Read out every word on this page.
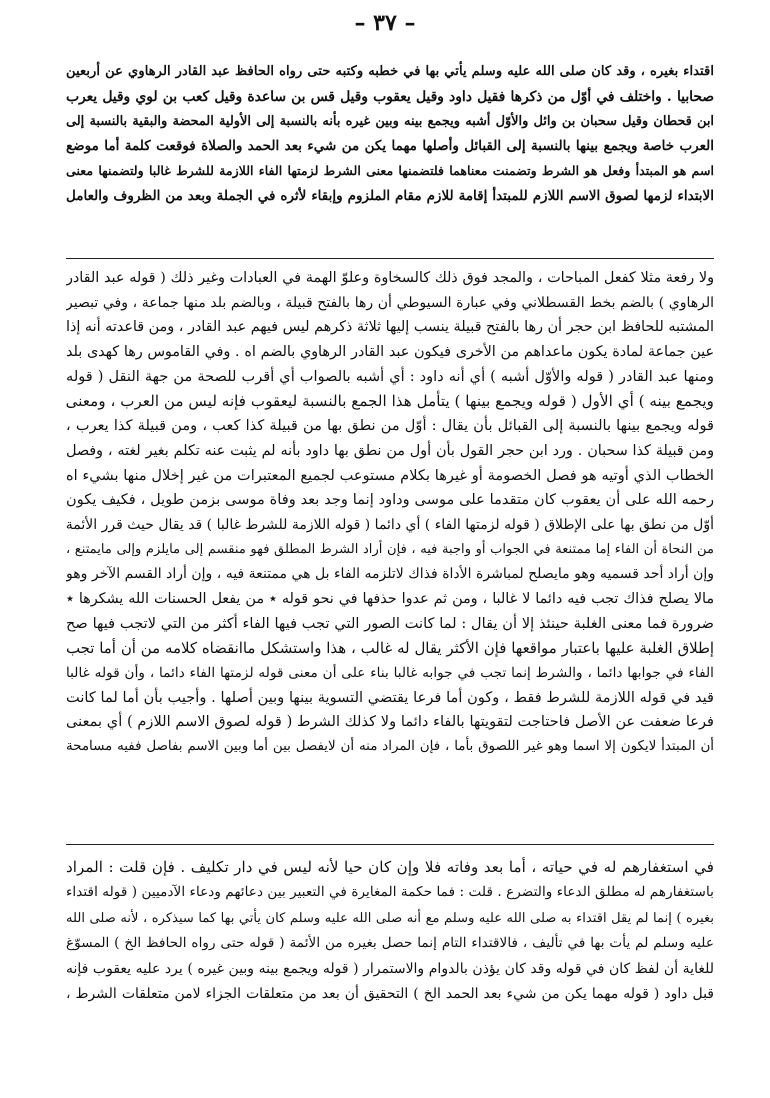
– ٣٧ –
اقتداء بغيره ، وقد كان صلى الله عليه وسلم يأتي بها في خطبه وكتبه حتى رواه الحافظ عبد القادر الرهاوي عن أربعين
صحابيا . واختلف في أوّل من ذكرها فقيل داود وقيل يعقوب وقيل قس بن ساعدة وقيل كعب بن لوي وقيل يعرب
ابن قحطان وقيل سحبان بن وائل والأوّل أشبه ويجمع بينه وبين غيره بأنه بالنسبة إلى الأولية المحضة والبقية بالنسبة إلى
العرب خاصة ويجمع بينها بالنسبة إلى القبائل وأصلها مهما يكن من شيء بعد الحمد والصلاة فوقعت كلمة أما موضع
اسم هو المبتدأ وفعل هو الشرط وتضمنت معناهما فلتضمنها معنى الشرط لزمتها الفاء اللازمة للشرط غالبا ولتضمنها معنى
الابتداء لزمها لصوق الاسم اللازم للمبتدأ إقامة للازم مقام الملزوم وإبقاء لأثره في الجملة وبعد من الظروف والعامل
ولا رفعة مثلا كفعل المباحات ، والمجد فوق ذلك كالسخاوة وعلوّ الهمة في العبادات وغير ذلك ( قوله عبد القادر
الرهاوي ) بالضم بخط القسطلاني وفي عبارة السيوطي أن رها بالفتح قبيلة ، وبالضم بلد منها جماعة ، وفي تبصير
المشتبه للحافظ ابن حجر أن رها بالفتح قبيلة ينسب إليها ثلاثة ذكرهم ليس فيهم عبد القادر ، ومن قاعدته أنه إذا
عين جماعة لمادة يكون ماعداهم من الأخرى فيكون عبد القادر الرهاوي بالضم اه . وفي القاموس رها كهدى بلد
ومنها عبد القادر ( قوله والأوّل أشبه ) أي أنه داود : أي أشبه بالصواب أي أقرب للصحة من جهة النقل ( قوله
ويجمع بينه ) أي الأول ( قوله ويجمع بينها ) يتأمل هذا الجمع بالنسبة ليعقوب فإنه ليس من العرب ، ومعنى
قوله ويجمع بينها بالنسبة إلى القبائل بأن يقال : أوّل من نطق بها من قبيلة كذا كعب ، ومن قبيلة كذا يعرب ،
ومن قبيلة كذا سحبان . ورد ابن حجر القول بأن أول من نطق بها داود بأنه لم يثبت عنه تكلم بغير لغته ، وفصل
الخطاب الذي أوتيه هو فصل الخصومة أو غيرها بكلام مستوعب لجميع المعتبرات من غير إخلال منها بشيء اه
رحمه الله على أن يعقوب كان متقدما على موسى وداود إنما وجد بعد وفاة موسى بزمن طويل ، فكيف يكون
أوّل من نطق بها على الإطلاق ( قوله لزمتها الفاء ) أي دائما ( قوله اللازمة للشرط غالبا ) قد يقال حيث قرر الأئمة
من النحاة أن الفاء إما ممتنعة في الجواب أو واجبة فيه ، فإن أراد الشرط المطلق فهو منقسم إلى مايلزم وإلى مايمتنع ،
وإن أراد أحد قسميه وهو مايصلح لمباشرة الأداة فذاك لاتلزمه الفاء بل هي ممتنعة فيه ، وإن أراد القسم الآخر وهو
مالا يصلح فذاك تجب فيه دائما لا غالبا ، ومن ثم عدوا حذفها في نحو قوله ٭ من يفعل الحسنات الله يشكرها ٭
ضرورة فما معنى الغلبة حينئذ إلا أن يقال : لما كانت الصور التي تجب فيها الفاء أكثر من التي لاتجب فيها صح
إطلاق الغلبة عليها باعتبار مواقعها فإن الأكثر يقال له غالب ، هذا واستشكل ماانقضاه كلامه من أن أما تجب
الفاء في جوابها دائما ، والشرط إنما تجب في جوابه غالبا بناء على أن معنى قوله لزمتها الفاء دائما ، وأن قوله غالبا
قيد في قوله اللازمة للشرط فقط ، وكون أما فرعا يقتضي التسوية بينها وبين أصلها . وأجيب بأن أما لما كانت
فرعا ضعفت عن الأصل فاحتاجت لتقويتها بالفاء دائما ولا كذلك الشرط ( قوله لصوق الاسم اللازم ) أي بمعنى
أن المبتدأ لايكون إلا اسما وهو غير اللصوق بأما ، فإن المراد منه أن لايفصل بين أما وبين الاسم بفاصل ففيه مسامحة
في استغفارهم له في حياته ، أما بعد وفاته فلا وإن كان حيا لأنه ليس في دار تكليف . فإن قلت : المراد
باستغفارهم له مطلق الدعاء والتضرع . قلت : فما حكمة المغايرة في التعبير بين دعائهم ودعاء الآدميين ( قوله اقتداء
بغيره ) إنما لم يقل اقتداء به صلى الله عليه وسلم مع أنه صلى الله عليه وسلم كان يأتي بها كما سيذكره ، لأنه صلى الله
عليه وسلم لم يأت بها في تأليف ، فالاقتداء التام إنما حصل بغيره من الأئمة ( قوله حتى رواه الحافظ الخ ) المسوّغ
للغاية أن لفظ كان في قوله وقد كان يؤذن بالدوام والاستمرار ( قوله ويجمع بينه وبين غيره ) يرد عليه يعقوب فإنه
قبل داود ( قوله مهما يكن من شيء بعد الحمد الخ ) التحقيق أن بعد من متعلقات الجزاء لامن متعلقات الشرط ،
